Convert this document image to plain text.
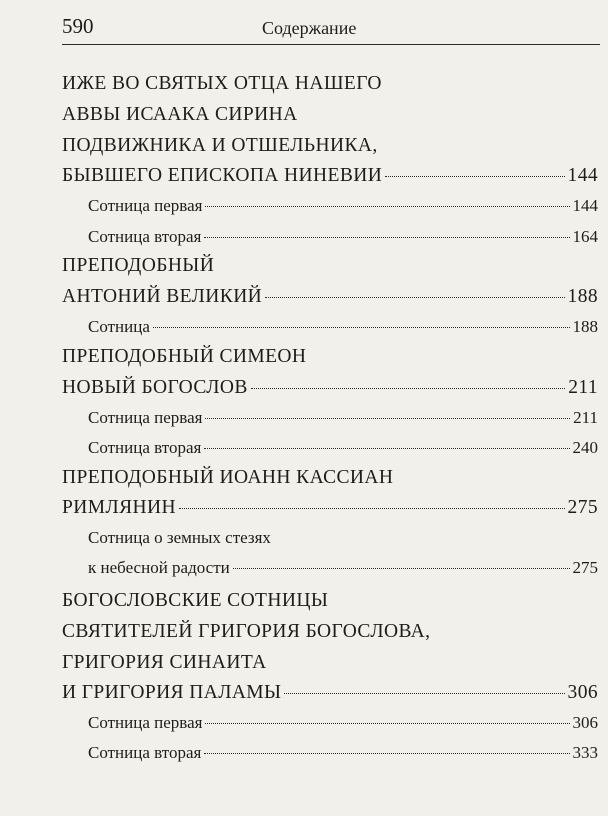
590	Содержание
ИЖЕ ВО СВЯТЫХ ОТЦА НАШЕГО
АВВЫ ИСААКА СИРИНА
ПОДВИЖНИКА И ОТШЕЛЬНИКА,
БЫВШЕГО ЕПИСКОПА НИНЕВИИ	144
Сотница первая	144
Сотница вторая	164
ПРЕПОДОБНЫЙ
АНТОНИЙ ВЕЛИКИЙ	188
Сотница	188
ПРЕПОДОБНЫЙ СИМЕОН
НОВЫЙ БОГОСЛОВ	211
Сотница первая	211
Сотница вторая	240
ПРЕПОДОБНЫЙ ИОАНН КАССИАН
РИМЛЯНИН	275
Сотница о земных стезях
к небесной радости	275
БОГОСЛОВСКИЕ СОТНИЦЫ
СВЯТИТЕЛЕЙ ГРИГОРИЯ БОГОСЛОВА,
ГРИГОРИЯ СИНАИТА
И ГРИГОРИЯ ПАЛАМЫ	306
Сотница первая	306
Сотница вторая	333
